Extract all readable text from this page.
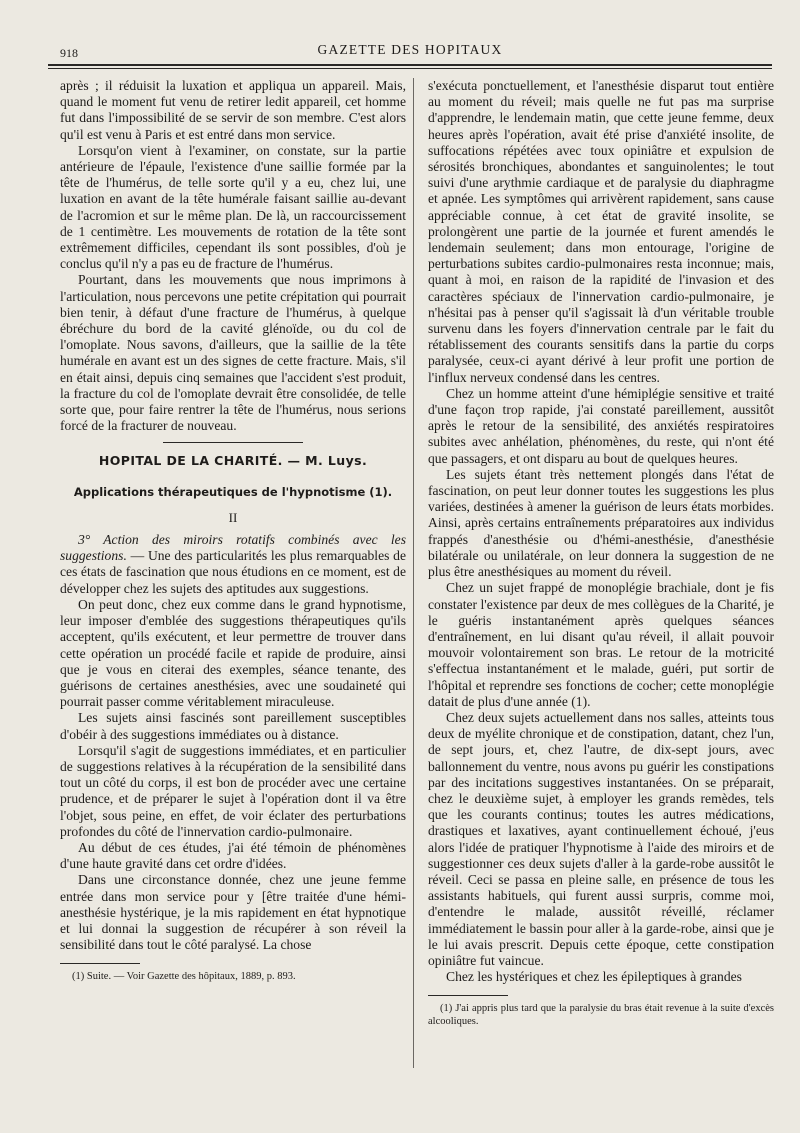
918	GAZETTE DES HOPITAUX

après ; il réduisit la luxation et appliqua un appareil. Mais, quand le moment fut venu de retirer ledit appareil, cet homme fut dans l'impossibilité de se servir de son membre. C'est alors qu'il est venu à Paris et est entré dans mon service.

Lorsqu'on vient à l'examiner, on constate, sur la partie antérieure de l'épaule, l'existence d'une saillie formée par la tête de l'humérus, de telle sorte qu'il y a eu, chez lui, une luxation en avant de la tête humérale faisant saillie au-devant de l'acromion et sur le même plan. De là, un raccourcissement de 1 centimètre. Les mouvements de rotation de la tête sont extrêmement difficiles, cependant ils sont possibles, d'où je conclus qu'il n'y a pas eu de fracture de l'humérus.

Pourtant, dans les mouvements que nous imprimons à l'articulation, nous percevons une petite crépitation qui pourrait bien tenir, à défaut d'une fracture de l'humérus, à quelque ébréchure du bord de la cavité glénoïde, ou du col de l'omoplate. Nous savons, d'ailleurs, que la saillie de la tête humérale en avant est un des signes de cette fracture. Mais, s'il en était ainsi, depuis cinq semaines que l'accident s'est produit, la fracture du col de l'omoplate devrait être consolidée, de telle sorte que, pour faire rentrer la tête de l'humérus, nous serions forcé de la fracturer de nouveau.

HOPITAL DE LA CHARITÉ. — M. Luys.
Applications thérapeutiques de l'hypnotisme (1).
II

3° Action des miroirs rotatifs combinés avec les suggestions. — Une des particularités les plus remarquables de ces états de fascination que nous étudions en ce moment, est de développer chez les sujets des aptitudes aux suggestions.

On peut donc, chez eux comme dans le grand hypnotisme, leur imposer d'emblée des suggestions thérapeutiques qu'ils acceptent, qu'ils exécutent, et leur permettre de trouver dans cette opération un procédé facile et rapide de produire, ainsi que je vous en citerai des exemples, séance tenante, des guérisons de certaines anesthésies, avec une soudaineté qui pourrait passer comme véritablement miraculeuse.

Les sujets ainsi fascinés sont pareillement susceptibles d'obéir à des suggestions immédiates ou à distance.

Lorsqu'il s'agit de suggestions immédiates, et en particulier de suggestions relatives à la récupération de la sensibilité dans tout un côté du corps, il est bon de procéder avec une certaine prudence, et de préparer le sujet à l'opération dont il va être l'objet, sous peine, en effet, de voir éclater des perturbations profondes du côté de l'innervation cardio-pulmonaire.

Au début de ces études, j'ai été témoin de phénomènes d'une haute gravité dans cet ordre d'idées.

Dans une circonstance donnée, chez une jeune femme entrée dans mon service pour y [être traitée d'une hémi-anesthésie hystérique, je la mis rapidement en état hypnotique et lui donnai la suggestion de récupérer à son réveil la sensibilité dans tout le côté paralysé. La chose

(1) Suite. — Voir Gazette des hôpitaux, 1889, p. 893.

s'exécuta ponctuellement, et l'anesthésie disparut tout entière au moment du réveil; mais quelle ne fut pas ma surprise d'apprendre, le lendemain matin, que cette jeune femme, deux heures après l'opération, avait été prise d'anxiété insolite, de suffocations répétées avec toux opiniâtre et expulsion de sérosités bronchiques, abondantes et sanguinolentes; le tout suivi d'une arythmie cardiaque et de paralysie du diaphragme et apnée. Les symptômes qui arrivèrent rapidement, sans cause appréciable connue, à cet état de gravité insolite, se prolongèrent une partie de la journée et furent amendés le lendemain seulement; dans mon entourage, l'origine de perturbations subites cardio-pulmonaires resta inconnue; mais, quant à moi, en raison de la rapidité de l'invasion et des caractères spéciaux de l'innervation cardio-pulmonaire, je n'hésitai pas à penser qu'il s'agissait là d'un véritable trouble survenu dans les foyers d'innervation centrale par le fait du rétablissement des courants sensitifs dans la partie du corps paralysée, ceux-ci ayant dérivé à leur profit une portion de l'influx nerveux condensé dans les centres.

Chez un homme atteint d'une hémiplégie sensitive et traité d'une façon trop rapide, j'ai constaté pareillement, aussitôt après le retour de la sensibilité, des anxiétés respiratoires subites avec anhélation, phénomènes, du reste, qui n'ont été que passagers, et ont disparu au bout de quelques heures.

Les sujets étant très nettement plongés dans l'état de fascination, on peut leur donner toutes les suggestions les plus variées, destinées à amener la guérison de leurs états morbides. Ainsi, après certains entraînements préparatoires aux individus frappés d'anesthésie ou d'hémi-anesthésie, d'anesthésie bilatérale ou unilatérale, on leur donnera la suggestion de ne plus être anesthésiques au moment du réveil.

Chez un sujet frappé de monoplégie brachiale, dont je fis constater l'existence par deux de mes collègues de la Charité, je le guéris instantanément après quelques séances d'entraînement, en lui disant qu'au réveil, il allait pouvoir mouvoir volontairement son bras. Le retour de la motricité s'effectua instantanément et le malade, guéri, put sortir de l'hôpital et reprendre ses fonctions de cocher; cette monoplégie datait de plus d'une année (1).

Chez deux sujets actuellement dans nos salles, atteints tous deux de myélite chronique et de constipation, datant, chez l'un, de sept jours, et, chez l'autre, de dix-sept jours, avec ballonnement du ventre, nous avons pu guérir les constipations par des incitations suggestives instantanées. On se préparait, chez le deuxième sujet, à employer les grands remèdes, tels que les courants continus; toutes les autres médications, drastiques et laxatives, ayant continuellement échoué, j'eus alors l'idée de pratiquer l'hypnotisme à l'aide des miroirs et de suggestionner ces deux sujets d'aller à la garde-robe aussitôt le réveil. Ceci se passa en pleine salle, en présence de tous les assistants habituels, qui furent aussi surpris, comme moi, d'entendre le malade, aussitôt réveillé, réclamer immédiatement le bassin pour aller à la garde-robe, ainsi que je le lui avais prescrit. Depuis cette époque, cette constipation opiniâtre fut vaincue.

Chez les hystériques et chez les épileptiques à grandes

(1) J'ai appris plus tard que la paralysie du bras était revenue à la suite d'excès alcooliques.
